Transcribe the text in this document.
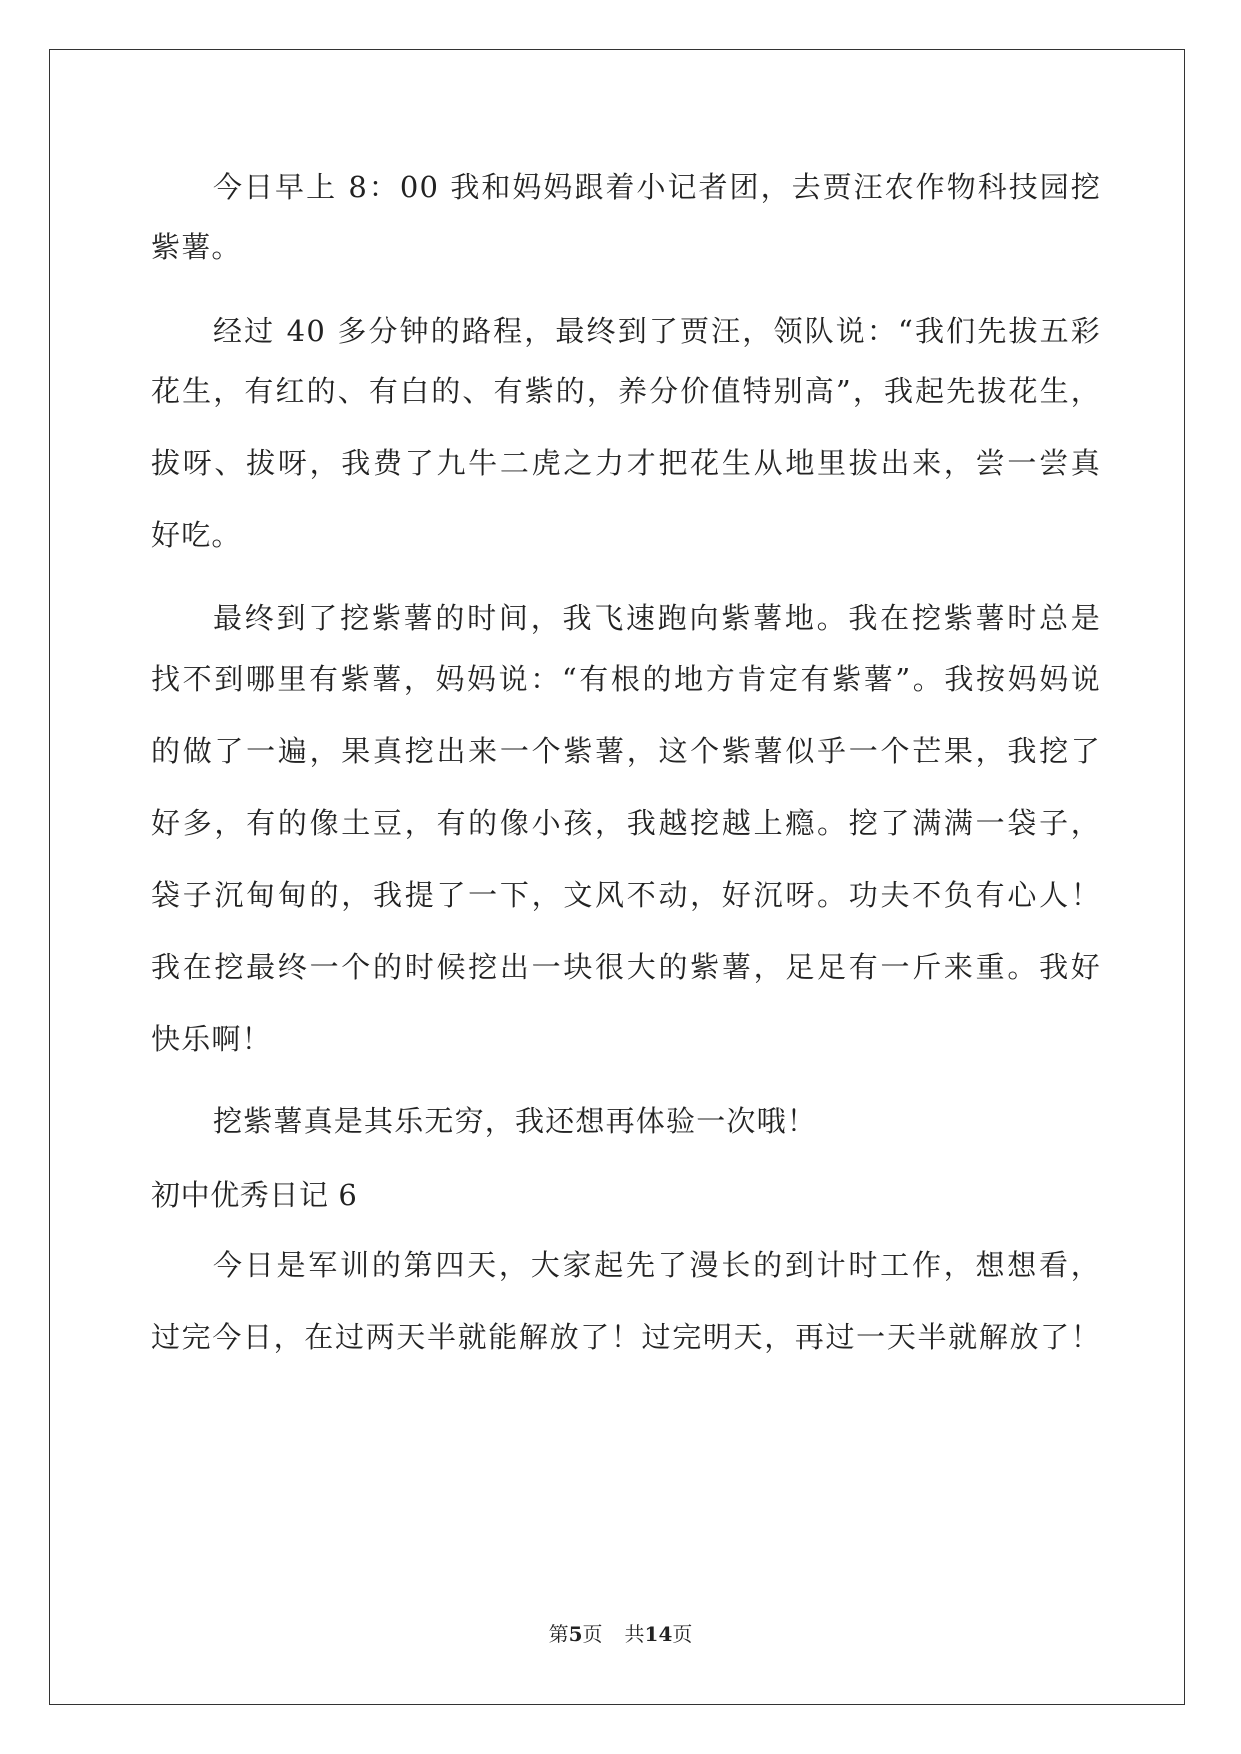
今日早上 8：00 我和妈妈跟着小记者团，去贾汪农作物科技园挖
紫薯。
经过 40 多分钟的路程，最终到了贾汪，领队说：“我们先拔五彩
花生，有红的、有白的、有紫的，养分价值特别高”，我起先拔花生，
拔呀、拔呀，我费了九牛二虎之力才把花生从地里拔出来，尝一尝真
好吃。
最终到了挖紫薯的时间，我飞速跑向紫薯地。我在挖紫薯时总是
找不到哪里有紫薯，妈妈说：“有根的地方肯定有紫薯”。我按妈妈说
的做了一遍，果真挖出来一个紫薯，这个紫薯似乎一个芒果，我挖了
好多，有的像土豆，有的像小孩，我越挖越上瘾。挖了满满一袋子，
袋子沉甸甸的，我提了一下，文风不动，好沉呀。功夫不负有心人！
我在挖最终一个的时候挖出一块很大的紫薯，足足有一斤来重。我好
快乐啊！
挖紫薯真是其乐无穷，我还想再体验一次哦！
初中优秀日记 6
今日是军训的第四天，大家起先了漫长的到计时工作，想想看，
过完今日，在过两天半就能解放了！过完明天，再过一天半就解放了！
第5页 共14页
